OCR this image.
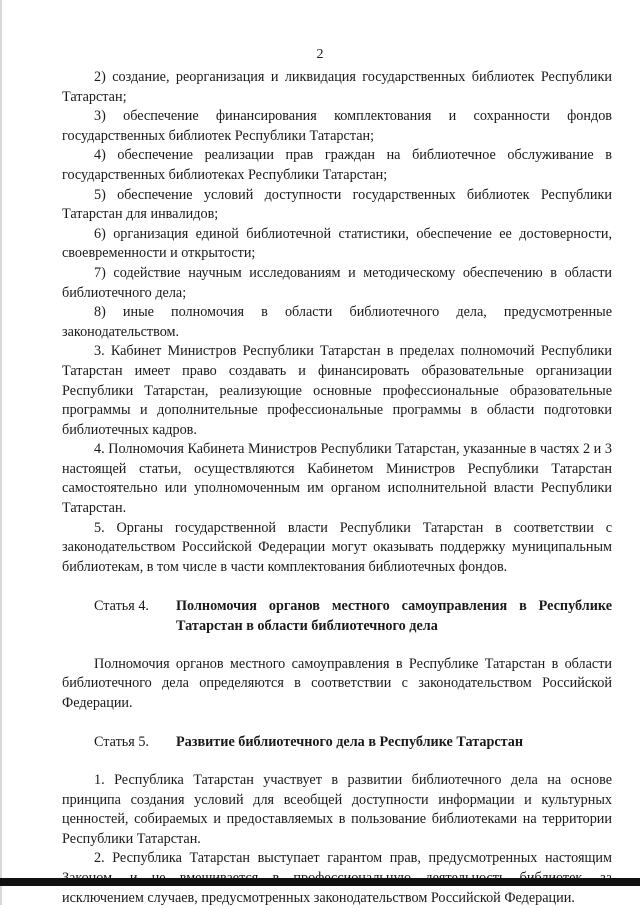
2

2) создание, реорганизация и ликвидация государственных библиотек Республики Татарстан;

3) обеспечение финансирования комплектования и сохранности фондов государственных библиотек Республики Татарстан;

4) обеспечение реализации прав граждан на библиотечное обслуживание в государственных библиотеках Республики Татарстан;

5) обеспечение условий доступности государственных библиотек Республики Татарстан для инвалидов;

6) организация единой библиотечной статистики, обеспечение ее достоверности, своевременности и открытости;

7) содействие научным исследованиям и методическому обеспечению в области библиотечного дела;

8) иные полномочия в области библиотечного дела, предусмотренные законодательством.

3. Кабинет Министров Республики Татарстан в пределах полномочий Республики Татарстан имеет право создавать и финансировать образовательные организации Республики Татарстан, реализующие основные профессиональные образовательные программы и дополнительные профессиональные программы в области подготовки библиотечных кадров.

4. Полномочия Кабинета Министров Республики Татарстан, указанные в частях 2 и 3 настоящей статьи, осуществляются Кабинетом Министров Республики Татарстан самостоятельно или уполномоченным им органом исполнительной власти Республики Татарстан.

5. Органы государственной власти Республики Татарстан в соответствии с законодательством Российской Федерации могут оказывать поддержку муниципальным библиотекам, в том числе в части комплектования библиотечных фондов.

Статья 4.	Полномочия органов местного самоуправления в Республике Татарстан в области библиотечного дела

Полномочия органов местного самоуправления в Республике Татарстан в области библиотечного дела определяются в соответствии с законодательством Российской Федерации.

Статья 5.	Развитие библиотечного дела в Республике Татарстан

1. Республика Татарстан участвует в развитии библиотечного дела на основе принципа создания условий для всеобщей доступности информации и культурных ценностей, собираемых и предоставляемых в пользование библиотеками на территории Республики Татарстан.

2. Республика Татарстан выступает гарантом прав, предусмотренных настоящим исключением случаев, предусмотренных законодательством Российской Федерации.
